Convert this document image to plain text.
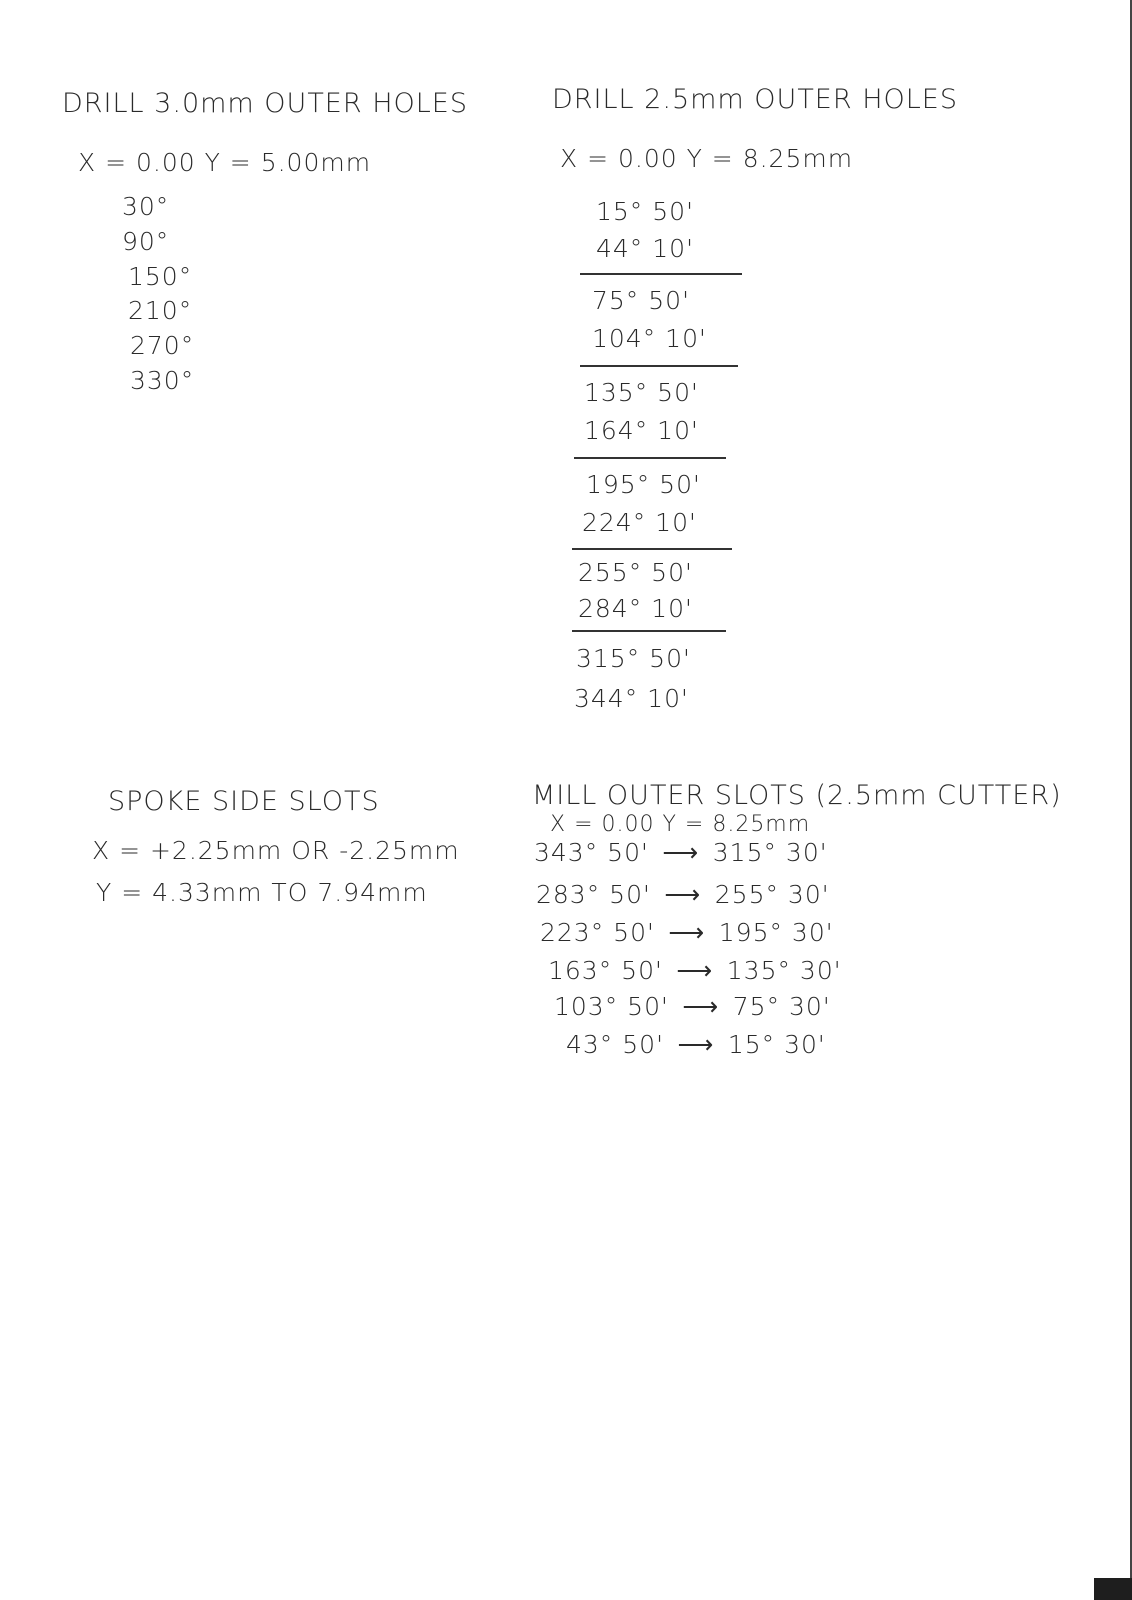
DRILL 3.0mm OUTER HOLES
X = 0.00 Y = 5.00mm
30°
90°
150°
210°
270°
330°
DRILL 2.5mm OUTER HOLES
X = 0.00 Y = 8.25mm
15° 50'
44° 10'
75° 50'
104° 10'
135° 50'
164° 10'
195° 50'
224° 10'
255° 50'
284° 10'
315° 50'
344° 10'
SPOKE SIDE SLOTS
X = +2.25mm OR -2.25mm
Y = 4.33mm TO 7.94mm
MILL OUTER SLOTS (2.5mm CUTTER)
X = 0.00 Y = 8.25mm
343° 50' ⟶ 315° 30'
283° 50' ⟶ 255° 30'
223° 50' ⟶ 195° 30'
163° 50' ⟶ 135° 30'
103° 50' ⟶ 75° 30'
43° 50' ⟶ 15° 30'
